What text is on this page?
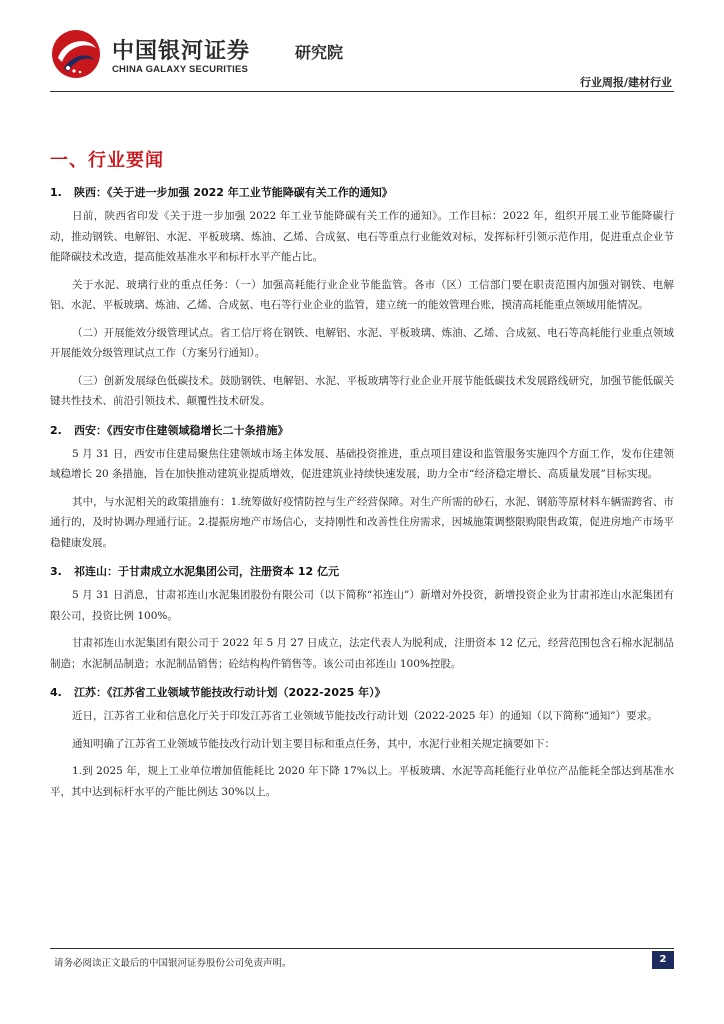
中国银河证券	研究院
CHINA GALAXY SECURITIES
行业周报/建材行业
一、行业要闻
1. 陕西：《关于进一步加强 2022 年工业节能降碳有关工作的通知》

日前，陕西省印发《关于进一步加强 2022 年工业节能降碳有关工作的通知》。工作目标：2022 年，组织开展工业节能降碳行动，推动钢铁、电解铝、水泥、平板玻璃、炼油、乙烯、合成氨、电石等重点行业能效对标，发挥标杆引领示范作用，促进重点企业节能降碳技术改造，提高能效基准水平和标杆水平产能占比。

关于水泥、玻璃行业的重点任务：（一）加强高耗能行业企业节能监管。各市（区）工信部门要在职责范围内加强对钢铁、电解铝、水泥、平板玻璃、炼油、乙烯、合成氨、电石等行业企业的监管，建立统一的能效管理台账，摸清高耗能重点领域用能情况。

（二）开展能效分级管理试点。省工信厅将在钢铁、电解铝、水泥、平板玻璃、炼油、乙烯、合成氨、电石等高耗能行业重点领域开展能效分级管理试点工作（方案另行通知）。

（三）创新发展绿色低碳技术。鼓励钢铁、电解铝、水泥、平板玻璃等行业企业开展节能低碳技术发展路线研究，加强节能低碳关键共性技术、前沿引领技术、颠覆性技术研发。

2. 西安：《西安市住建领域稳增长二十条措施》

5 月 31 日，西安市住建局聚焦住建领域市场主体发展、基础投资推进，重点项目建设和监管服务实施四个方面工作，发布住建领域稳增长 20 条措施，旨在加快推动建筑业提质增效，促进建筑业持续快速发展，助力全市“经济稳定增长、高质量发展”目标实现。

其中，与水泥相关的政策措施有：1.统筹做好疫情防控与生产经营保障。对生产所需的砂石，水泥、钢筋等原材料车辆需跨省、市通行的，及时协调办理通行证。2.提振房地产市场信心，支持刚性和改善性住房需求，因城施策调整限购限售政策，促进房地产市场平稳健康发展。

3. 祁连山：于甘肃成立水泥集团公司，注册资本 12 亿元

5 月 31 日消息，甘肃祁连山水泥集团股份有限公司（以下简称“祁连山”）新增对外投资，新增投资企业为甘肃祁连山水泥集团有限公司，投资比例 100%。

甘肃祁连山水泥集团有限公司于 2022 年 5 月 27 日成立，法定代表人为脱利成，注册资本 12 亿元，经营范围包含石棉水泥制品制造；水泥制品制造；水泥制品销售；砼结构构件销售等。该公司由祁连山 100%控股。

4. 江苏：《江苏省工业领域节能技改行动计划（2022-2025 年）》

近日，江苏省工业和信息化厅关于印发江苏省工业领域节能技改行动计划（2022-2025 年）的通知（以下简称“通知”）要求。

通知明确了江苏省工业领域节能技改行动计划主要目标和重点任务，其中，水泥行业相关规定摘要如下：

1.到 2025 年，规上工业单位增加值能耗比 2020 年下降 17%以上。平板玻璃、水泥等高耗能行业单位产品能耗全部达到基准水平，其中达到标杆水平的产能比例达 30%以上。

请务必阅读正文最后的中国银河证券股份公司免责声明。	2
